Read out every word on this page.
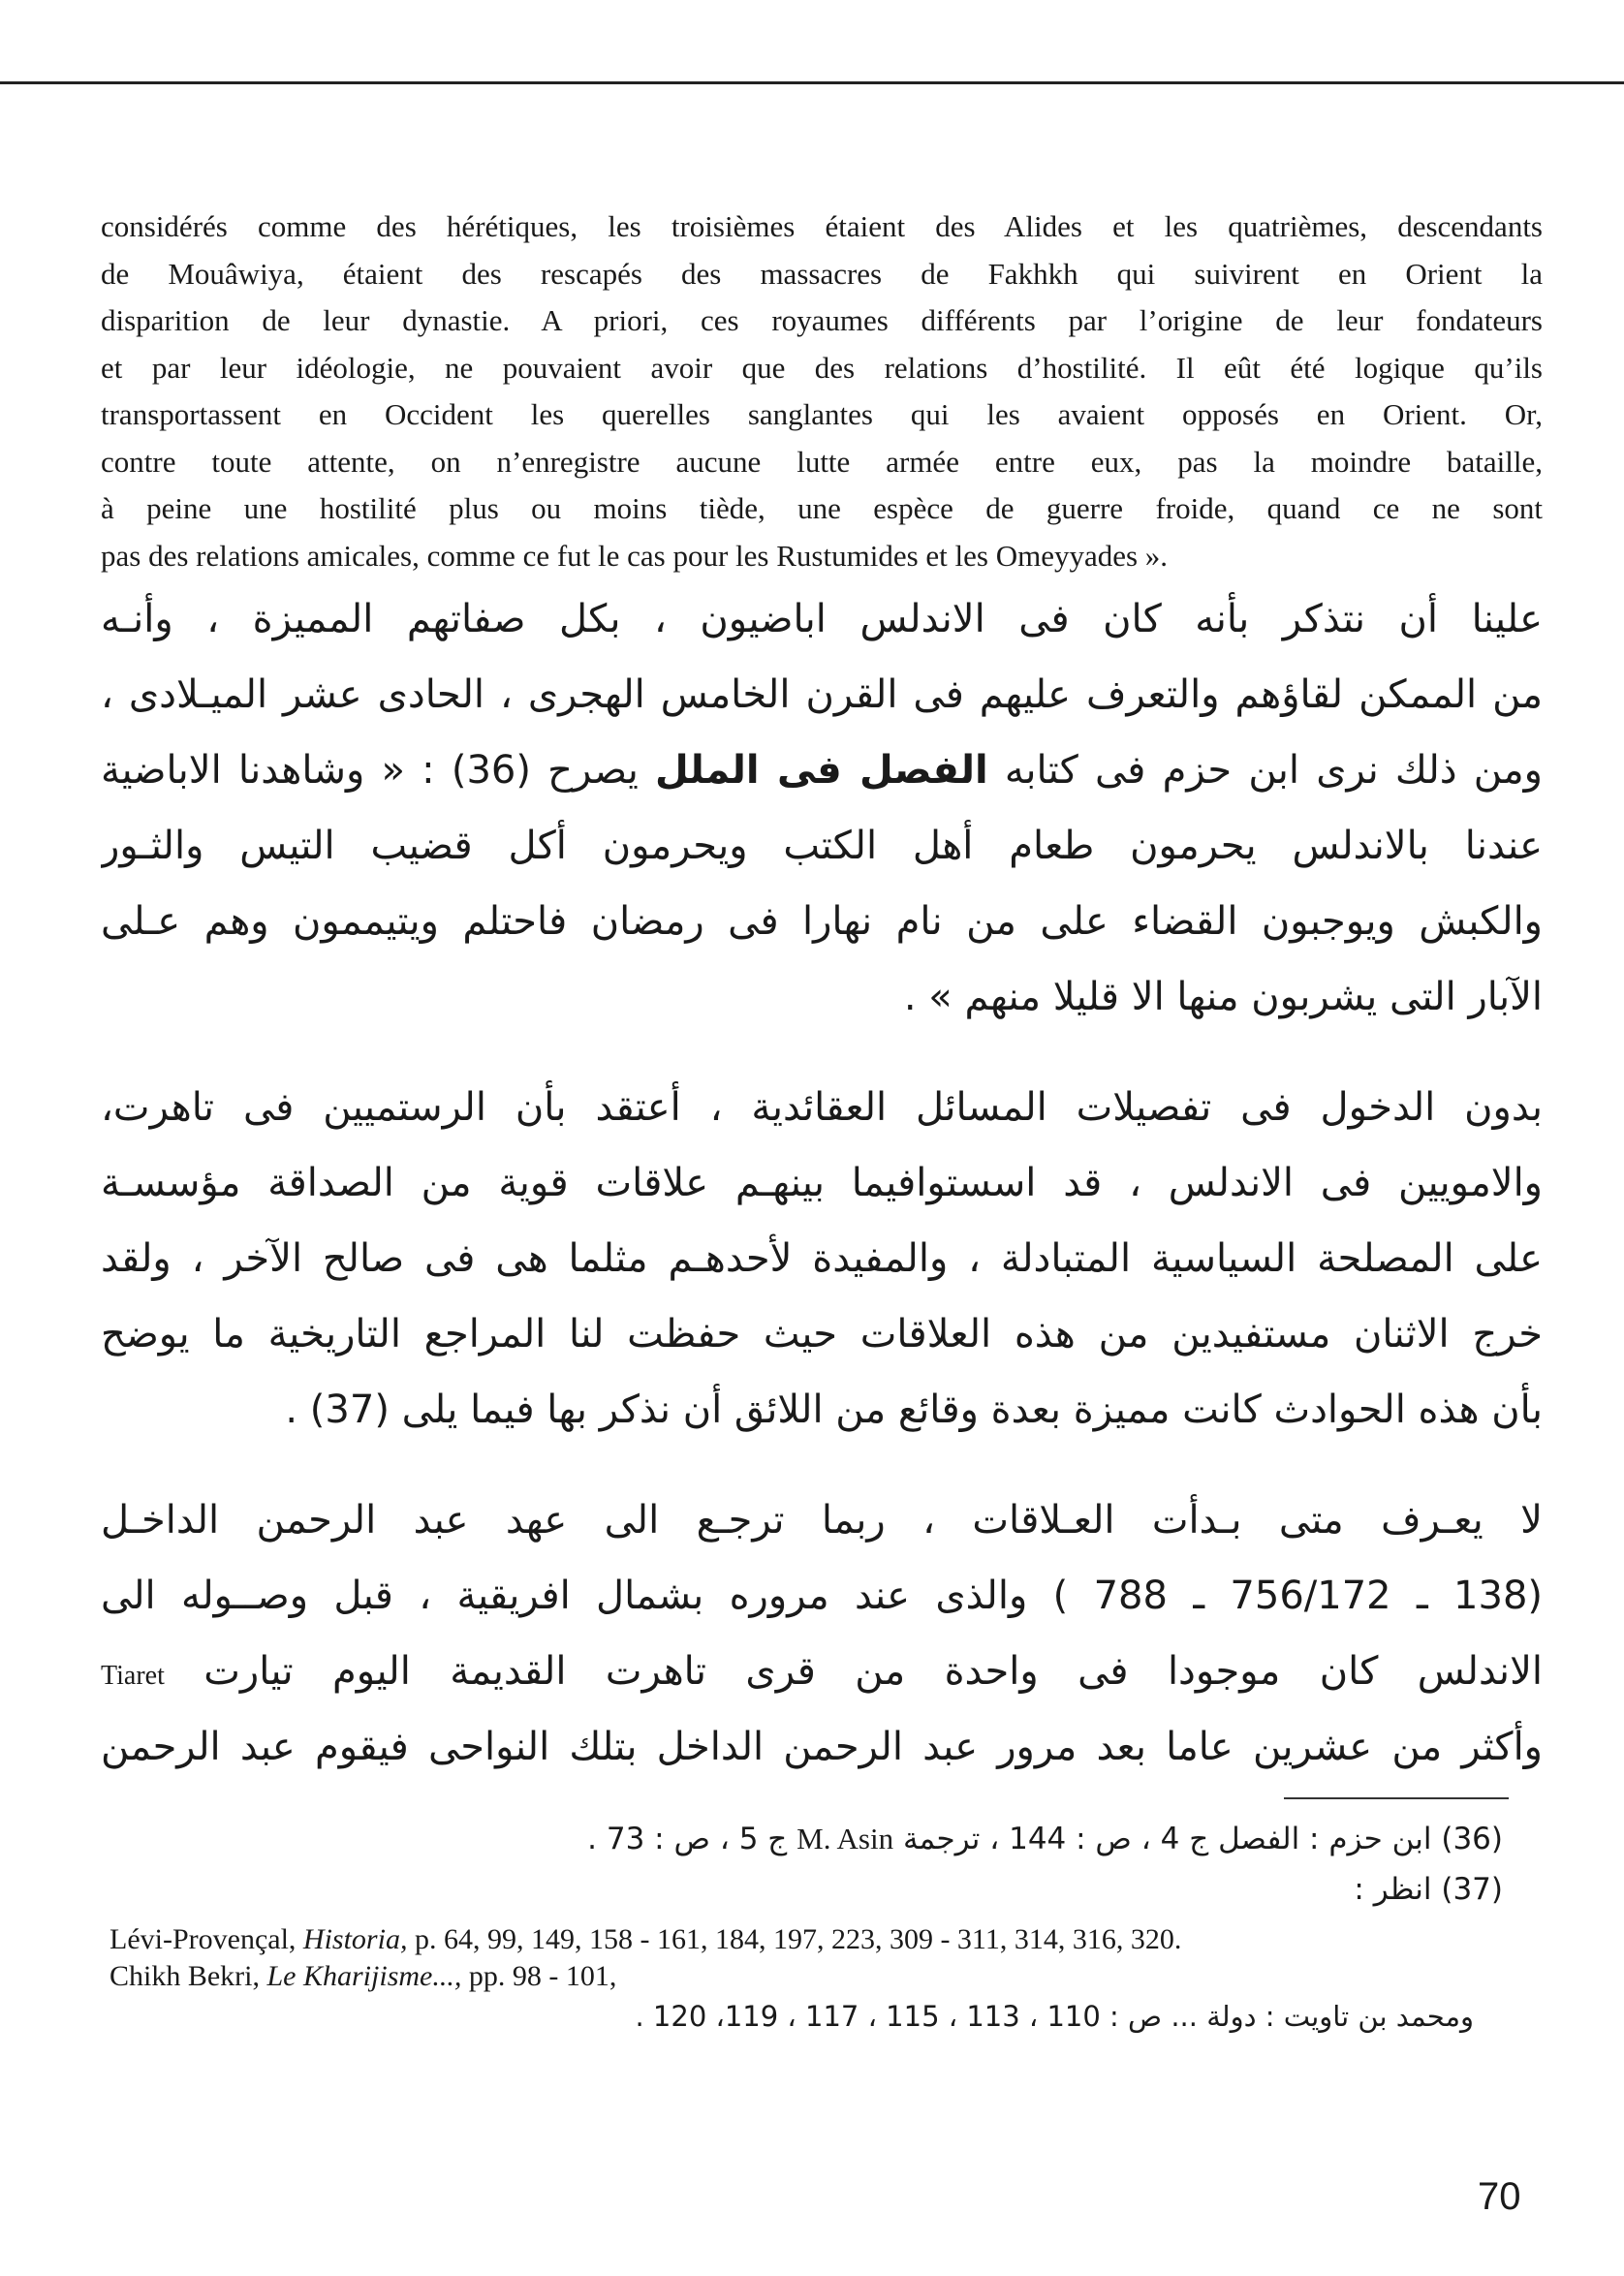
considérés comme des hérétiques, les troisièmes étaient des Alides et les quatrièmes, descendants
de Mouâwiya, étaient des rescapés des massacres de Fakhkh qui suivirent en Orient la
disparition de leur dynastie. A priori, ces royaumes différents par l’origine de leur fondateurs
et par leur idéologie, ne pouvaient avoir que des relations d’hostilité. Il eût été logique qu’ils
transportassent en Occident les querelles sanglantes qui les avaient opposés en Orient. Or,
contre toute attente, on n’enregistre aucune lutte armée entre eux, pas la moindre bataille,
à peine une hostilité plus ou moins tiède, une espèce de guerre froide, quand ce ne sont
pas des relations amicales, comme ce fut le cas pour les Rustumides et les Omeyyades ».
علينا أن نتذكر بأنه كان فى الاندلس اباضيون ، بكل صفاتهم المميزة ، وأنـه
من الممكن لقاؤهم والتعرف عليهم فى القرن الخامس الهجرى ، الحادى عشر الميـلادى ،
ومن ذلك نرى ابن حزم فى كتابه الفصل فى الملل يصرح (36) : « وشاهدنا الاباضية
عندنا بالاندلس يحرمون طعام أهل الكتب ويحرمون أكل قضيب التيس والثـور
والكبش ويوجبون القضاء على من نام نهارا فى رمضان فاحتلم ويتيممون وهم عـلى
الآبار التى يشربون منها الا قليلا منهم » .
بدون الدخول فى تفصيلات المسائل العقائدية ، أعتقد بأن الرستميين فى تاهرت،
والامويين فى الاندلس ، قد اسستوافيما بينهـم علاقات قوية من الصداقة مؤسسـة
على المصلحة السياسية المتبادلة ، والمفيدة لأحدهـم مثلما هى فى صالح الآخر ، ولقد
خرج الاثنان مستفيدين من هذه العلاقات حيث حفظت لنا المراجع التاريخية ما يوضح
بأن هذه الحوادث كانت مميزة بعدة وقائع من اللائق أن نذكر بها فيما يلى (37) .
لا يعـرف متى بـدأت العـلاقات ، ربما ترجـع الى عهد عبد الرحمن الداخـل
(138 ـ 756/172 ـ 788 ) والذى عند مروره بشمال افريقية ، قبل وصــوله الى
الاندلس كان موجودا فى واحدة من قرى تاهرت القديمة اليوم تيارت Tiaret
وأكثر من عشرين عاما بعد مرور عبد الرحمن الداخل بتلك النواحى فيقوم عبد الرحمن
(36) ابن حزم : الفصل ج 4 ، ص : 144 ، ترجمة M. Asin ج 5 ، ص : 73 .
(37) انظر :
Lévi-Provençal, Historia, p. 64, 99, 149, 158 - 161, 184, 197, 223, 309 - 311, 314, 316, 320.
Chikh Bekri, Le Kharijisme..., pp. 98 - 101,
ومحمد بن تاويت : دولة ... ص : 110 ، 113 ، 115 ، 117 ، 119، 120 .
70
